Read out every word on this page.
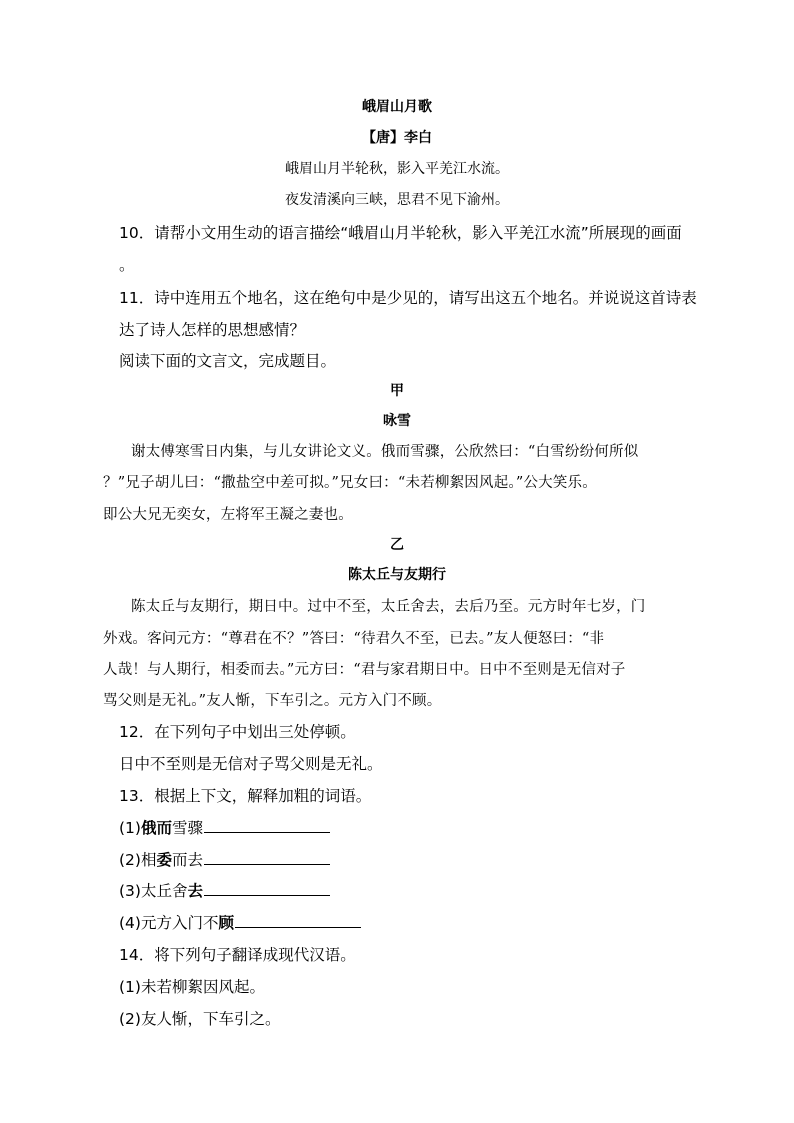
峨眉山月歌
【唐】李白
峨眉山月半轮秋，影入平羌江水流。
夜发清溪向三峡，思君不见下渝州。
10．请帮小文用生动的语言描绘“峨眉山月半轮秋，影入平羌江水流”所展现的画面
。
11．诗中连用五个地名，这在绝句中是少见的，请写出这五个地名。并说说这首诗表
达了诗人怎样的思想感情？
阅读下面的文言文，完成题目。
甲
咏雪
谢太傅寒雪日内集，与儿女讲论文义。俄而雪骤，公欣然曰：“白雪纷纷何所似
？”兄子胡儿曰：“撒盐空中差可拟。”兄女曰：“未若柳絮因风起。”公大笑乐。
即公大兄无奕女，左将军王凝之妻也。
乙
陈太丘与友期行
陈太丘与友期行，期日中。过中不至，太丘舍去，去后乃至。元方时年七岁，门
外戏。客问元方：“尊君在不？”答曰：“待君久不至，已去。”友人便怒曰：“非
人哉！与人期行，相委而去。”元方曰：“君与家君期日中。日中不至则是无信对子
骂父则是无礼。”友人惭，下车引之。元方入门不顾。
12．在下列句子中划出三处停顿。
日中不至则是无信对子骂父则是无礼。
13．根据上下文，解释加粗的词语。
(1)俄而雪骤
(2)相委而去
(3)太丘舍去
(4)元方入门不顾
14．将下列句子翻译成现代汉语。
(1)未若柳絮因风起。
(2)友人惭，下车引之。
